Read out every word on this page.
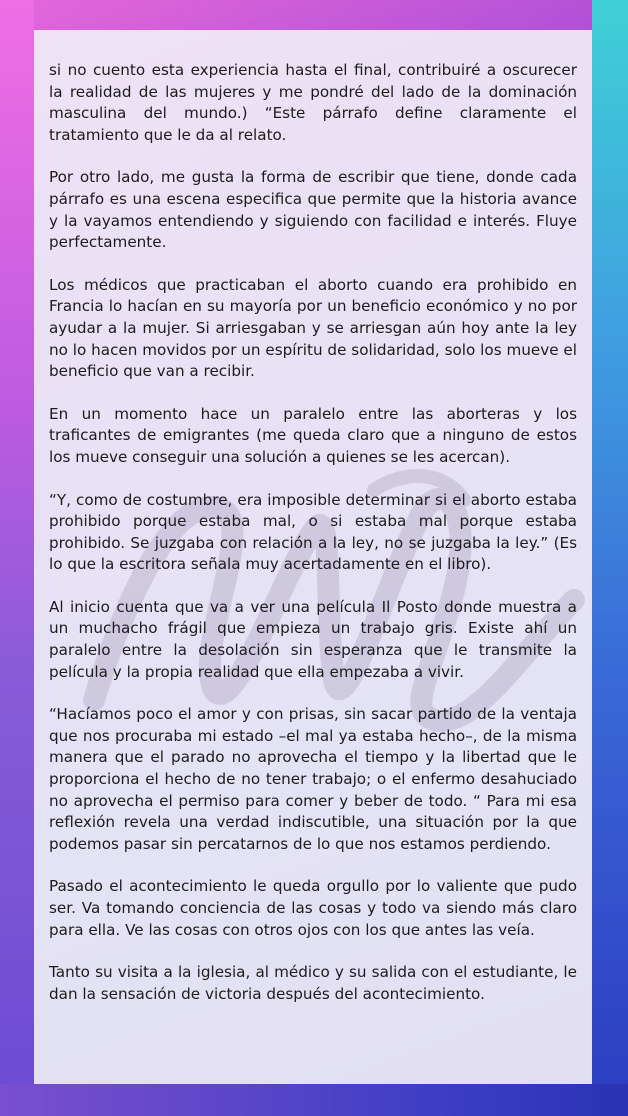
si no cuento esta experiencia hasta el final, contribuiré a oscurecer la realidad de las mujeres y me pondré del lado de la dominación masculina del mundo.) “Este párrafo define claramente el tratamiento que le da al relato.

Por otro lado, me gusta la forma de escribir que tiene, donde cada párrafo es una escena especifica que permite que la historia avance y la vayamos entendiendo y siguiendo con facilidad e interés. Fluye perfectamente.

Los médicos que practicaban el aborto cuando era prohibido en Francia lo hacían en su mayoría por un beneficio económico y no por ayudar a la mujer. Si arriesgaban y se arriesgan aún hoy ante la ley no lo hacen movidos por un espíritu de solidaridad, solo los mueve el beneficio que van a recibir.

En un momento hace un paralelo entre las aborteras y los traficantes de emigrantes (me queda claro que a ninguno de estos los mueve conseguir una solución a quienes se les acercan).

“Y, como de costumbre, era imposible determinar si el aborto estaba prohibido porque estaba mal, o si estaba mal porque estaba prohibido. Se juzgaba con relación a la ley, no se juzgaba la ley.” (Es lo que la escritora señala muy acertadamente en el libro).

Al inicio cuenta que va a ver una película Il Posto donde muestra a un muchacho frágil que empieza un trabajo gris. Existe ahí un paralelo entre la desolación sin esperanza que le transmite la película y la propia realidad que ella empezaba a vivir.

“Hacíamos poco el amor y con prisas, sin sacar partido de la ventaja que nos procuraba mi estado –el mal ya estaba hecho–, de la misma manera que el parado no aprovecha el tiempo y la libertad que le proporciona el hecho de no tener trabajo; o el enfermo desahuciado no aprovecha el permiso para comer y beber de todo. “ Para mi esa reflexión revela una verdad indiscutible, una situación por la que podemos pasar sin percatarnos de lo que nos estamos perdiendo.

Pasado el acontecimiento le queda orgullo por lo valiente que pudo ser. Va tomando conciencia de las cosas y todo va siendo más claro para ella. Ve las cosas con otros ojos con los que antes las veía.

Tanto su visita a la iglesia, al médico y su salida con el estudiante, le dan la sensación de victoria después del acontecimiento.
